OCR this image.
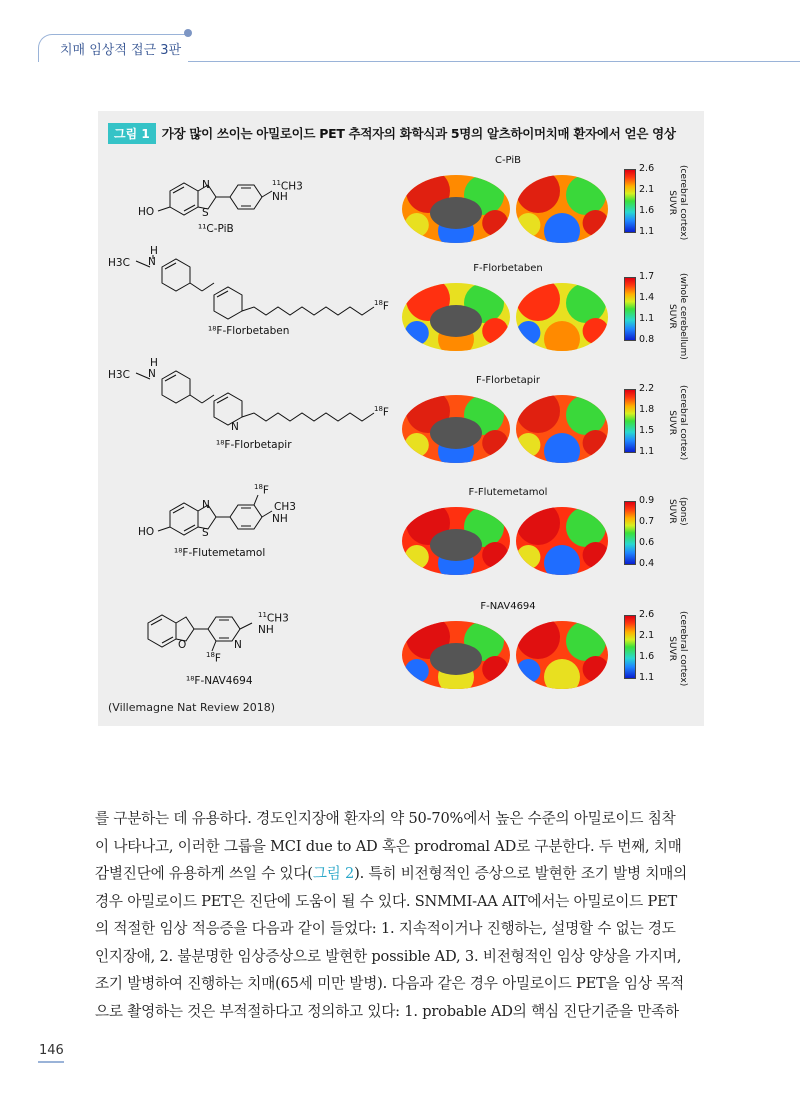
치매 임상적 접근 3판
그림 1 가장 많이 쓰이는 아밀로이드 PET 추적자의 화학식과 5명의 알츠하이머치매 환자에서 얻은 영상
HO
N
S
$^{11}$CH3
NH
¹¹C-PiB
H
N
H3C
$^{18}$F
¹⁸F-Florbetaben
H
N
H3C
N
$^{18}$F
¹⁸F-Florbetapir
HO
N
S
$^{18}$F
CH3
NH
¹⁸F-Flutemetamol
O	N
$^{18}$F
$^{11}$CH3
NH
¹⁸F-NAV4694
C-PiB
2.6
2.1
1.6
1.1	(cerebral cortex)
SUVR
F-Florbetaben
1.7
1.4
1.1
0.8	(whole cerebellum)
SUVR
F-Florbetapir
2.2
1.8
1.5
1.1	(cerebral cortex)
SUVR
F-Flutemetamol
0.9
0.7
0.6
0.4
(pons)
SUVR
F-NAV4694
2.6
2.1
1.6
1.1	(cerebral cortex)
SUVR
(Villemagne Nat Review 2018)

를 구분하는 데 유용하다. 경도인지장애 환자의 약 50-70%에서 높은 수준의 아밀로이드 침착

이 나타나고, 이러한 그룹을 MCI due to AD 혹은 prodromal AD로 구분한다. 두 번째, 치매

감별진단에 유용하게 쓰일 수 있다(그림 2). 특히 비전형적인 증상으로 발현한 조기 발병 치매의

경우 아밀로이드 PET은 진단에 도움이 될 수 있다. SNMMI-AA AIT에서는 아밀로이드 PET

의 적절한 임상 적응증을 다음과 같이 들었다: 1. 지속적이거나 진행하는, 설명할 수 없는 경도

인지장애, 2. 불분명한 임상증상으로 발현한 possible AD, 3. 비전형적인 임상 양상을 가지며,

조기 발병하여 진행하는 치매(65세 미만 발병). 다음과 같은 경우 아밀로이드 PET을 임상 목적

으로 촬영하는 것은 부적절하다고 정의하고 있다: 1. probable AD의 핵심 진단기준을 만족하

146
